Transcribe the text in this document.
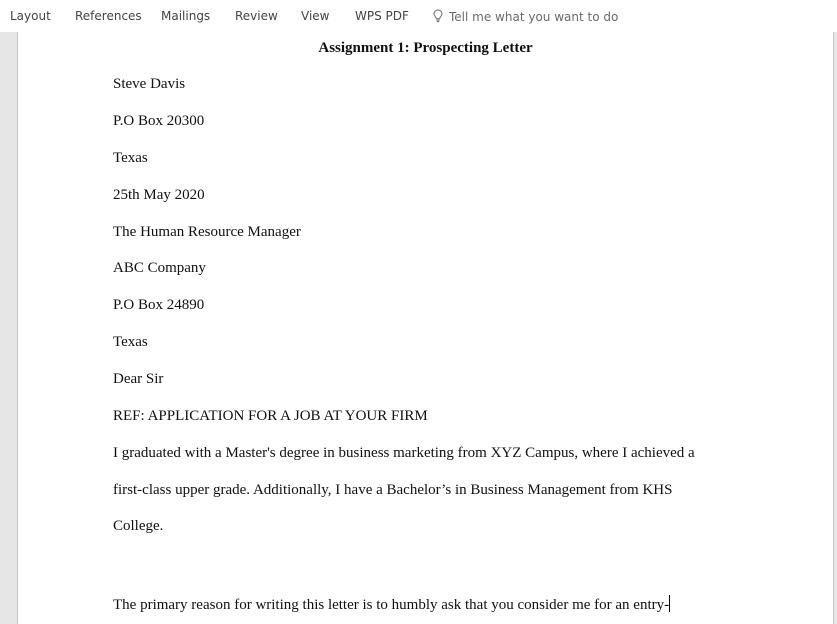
Layout References Mailings Review View WPS PDF	Tell me what you want to do
Assignment 1: Prospecting Letter
Steve Davis
P.O Box 20300
Texas
25th May 2020
The Human Resource Manager
ABC Company
P.O Box 24890
Texas
Dear Sir
REF: APPLICATION FOR A JOB AT YOUR FIRM
I graduated with a Master's degree in business marketing from XYZ Campus, where I achieved a
first-class upper grade. Additionally, I have a Bachelor’s in Business Management from KHS
College.
The primary reason for writing this letter is to humbly ask that you consider me for an entry-
